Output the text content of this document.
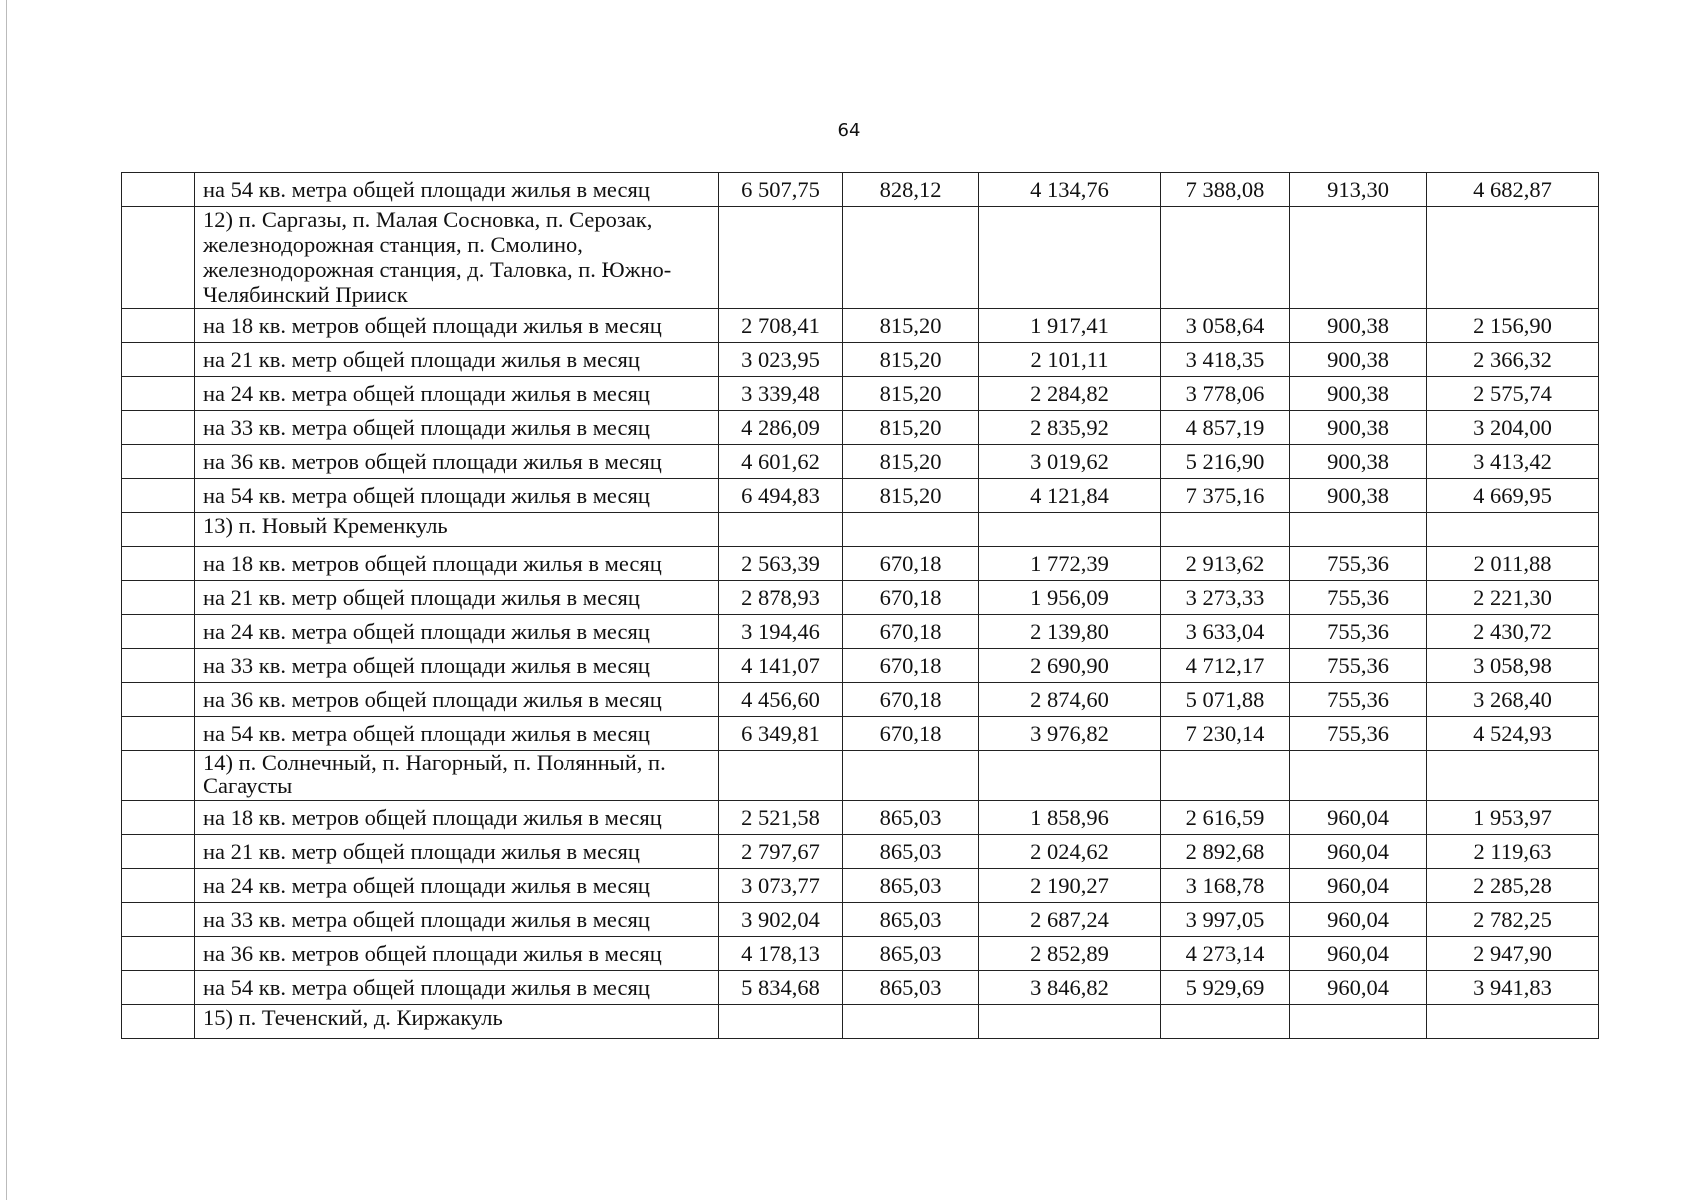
64
	на 54 кв. метра общей площади жилья в месяц	6 507,75	828,12	4 134,76	7 388,08	913,30	4 682,87
	12) п. Саргазы, п. Малая Сосновка, п. Серозак, железнодорожная станция, п. Смолино, железнодорожная станция, д. Таловка, п. Южно-Челябинский Прииск						
	на 18 кв. метров общей площади жилья в месяц	2 708,41	815,20	1 917,41	3 058,64	900,38	2 156,90
	на 21 кв. метр общей площади жилья в месяц	3 023,95	815,20	2 101,11	3 418,35	900,38	2 366,32
	на 24 кв. метра общей площади жилья в месяц	3 339,48	815,20	2 284,82	3 778,06	900,38	2 575,74
	на 33 кв. метра общей площади жилья в месяц	4 286,09	815,20	2 835,92	4 857,19	900,38	3 204,00
	на 36 кв. метров общей площади жилья в месяц	4 601,62	815,20	3 019,62	5 216,90	900,38	3 413,42
	на 54 кв. метра общей площади жилья в месяц	6 494,83	815,20	4 121,84	7 375,16	900,38	4 669,95
	13) п. Новый Кременкуль						
	на 18 кв. метров общей площади жилья в месяц	2 563,39	670,18	1 772,39	2 913,62	755,36	2 011,88
	на 21 кв. метр общей площади жилья в месяц	2 878,93	670,18	1 956,09	3 273,33	755,36	2 221,30
	на 24 кв. метра общей площади жилья в месяц	3 194,46	670,18	2 139,80	3 633,04	755,36	2 430,72
	на 33 кв. метра общей площади жилья в месяц	4 141,07	670,18	2 690,90	4 712,17	755,36	3 058,98
	на 36 кв. метров общей площади жилья в месяц	4 456,60	670,18	2 874,60	5 071,88	755,36	3 268,40
	на 54 кв. метра общей площади жилья в месяц	6 349,81	670,18	3 976,82	7 230,14	755,36	4 524,93
	14) п. Солнечный, п. Нагорный, п. Полянный, п. Сагаусты						
	на 18 кв. метров общей площади жилья в месяц	2 521,58	865,03	1 858,96	2 616,59	960,04	1 953,97
	на 21 кв. метр общей площади жилья в месяц	2 797,67	865,03	2 024,62	2 892,68	960,04	2 119,63
	на 24 кв. метра общей площади жилья в месяц	3 073,77	865,03	2 190,27	3 168,78	960,04	2 285,28
	на 33 кв. метра общей площади жилья в месяц	3 902,04	865,03	2 687,24	3 997,05	960,04	2 782,25
	на 36 кв. метров общей площади жилья в месяц	4 178,13	865,03	2 852,89	4 273,14	960,04	2 947,90
	на 54 кв. метра общей площади жилья в месяц	5 834,68	865,03	3 846,82	5 929,69	960,04	3 941,83
	15) п. Теченский, д. Киржакуль						
